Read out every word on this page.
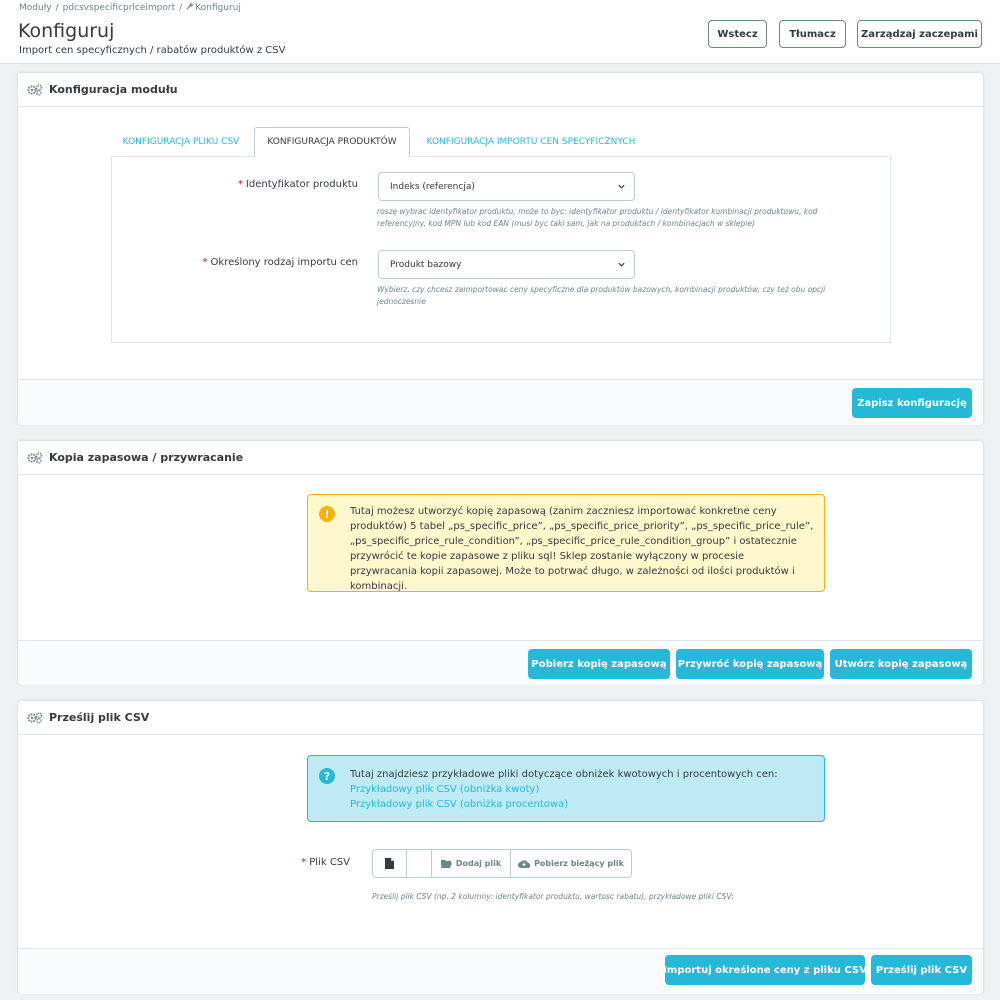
Moduły / pdcsvspecificpriceimport / Konfiguruj
Konfiguruj
Import cen specyficznych / rabatów produktów z CSV
Wstecz	Tłumacz	Zarządzaj zaczepami
Konfiguracja modułu
KONFIGURACJA PLIKU CSV	KONFIGURACJA PRODUKTÓW	KONFIGURACJA IMPORTU CEN SPECYFICZNYCH
* Identyfikator produktu	Indeks (referencja)
roszę wybrac identyfikator produktu, może to byc: identyfikator produktu / identyfikator kombinacji produktowu, kod referencyjny, kod MPN lub kod EAN (musi byc taki sam, jak na produktach / kombinacjach w sklepie)
* Określony rodzaj importu cen	Produkt bazowy
Wybierz, czy chcesz zaimportowac ceny specyficzne dla produktów bazowych, kombinacji produktów, czy też obu opcji jednoczesnie
Zapisz konfigurację
Kopia zapasowa / przywracanie
!	Tutaj możesz utworzyć kopię zapasową (zanim zaczniesz importować konkretne ceny produktów) 5 tabel „ps_specific_price”, „ps_specific_price_priority”, „ps_specific_price_rule”, „ps_specific_price_rule_condition”, „ps_specific_price_rule_condition_group” i ostatecznie przywrócić te kopie zapasowe z pliku sql! Sklep zostanie wyłączony w procesie przywracania kopii zapasowej. Może to potrwać długo, w zależności od ilości produktów i kombinacji.
Pobierz kopię zapasową	Przywróć kopię zapasową	Utwórz kopię zapasową
Prześlij plik CSV
?	Tutaj znajdziesz przykładowe pliki dotyczące obniżek kwotowych i procentowych cen:
Przykładowy plik CSV (obniżka kwoty)
Przykładowy plik CSV (obniżka procentowa)
* Plik CSV	Dodaj plik	Pobierz bieżący plik
Prześlij plik CSV (np. 2 kolumny: identyfikator produktu, wartosc rabatu), przykładowe pliki CSV:
Importuj określone ceny z pliku CSV Prześlij plik CSV
